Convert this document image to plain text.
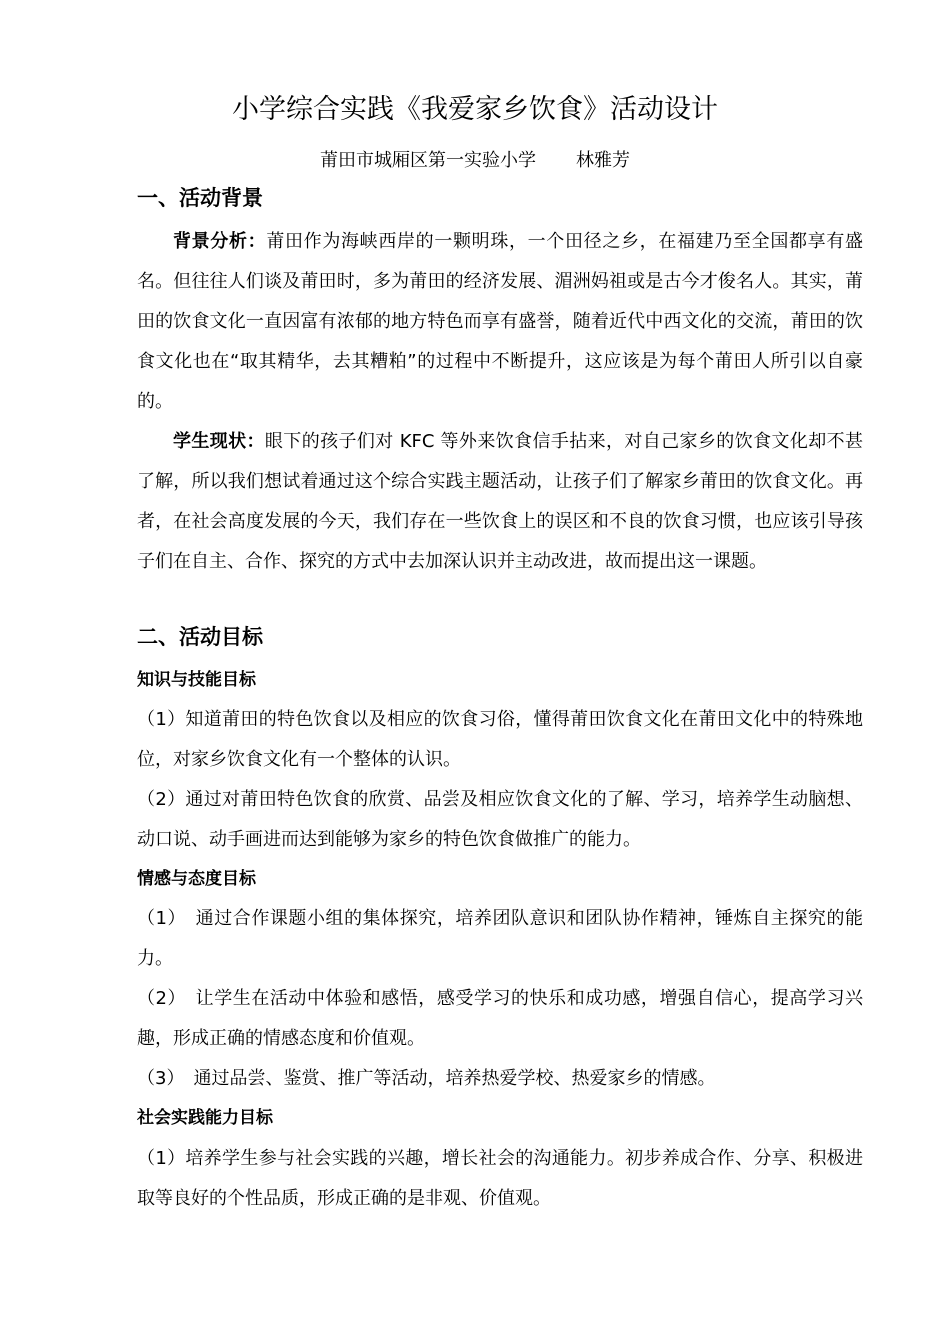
小学综合实践《我爱家乡饮食》活动设计
莆田市城厢区第一实验小学 林雅芳
一、活动背景
背景分析：莆田作为海峡西岸的一颗明珠，一个田径之乡，在福建乃至全国都享有盛名。但往往人们谈及莆田时，多为莆田的经济发展、湄洲妈祖或是古今才俊名人。其实，莆田的饮食文化一直因富有浓郁的地方特色而享有盛誉，随着近代中西文化的交流，莆田的饮食文化也在“取其精华，去其糟粕”的过程中不断提升，这应该是为每个莆田人所引以自豪的。
学生现状：眼下的孩子们对 KFC 等外来饮食信手拈来，对自己家乡的饮食文化却不甚了解，所以我们想试着通过这个综合实践主题活动，让孩子们了解家乡莆田的饮食文化。再者，在社会高度发展的今天，我们存在一些饮食上的误区和不良的饮食习惯，也应该引导孩子们在自主、合作、探究的方式中去加深认识并主动改进，故而提出这一课题。
二、活动目标
知识与技能目标
（1）知道莆田的特色饮食以及相应的饮食习俗，懂得莆田饮食文化在莆田文化中的特殊地位，对家乡饮食文化有一个整体的认识。
（2）通过对莆田特色饮食的欣赏、品尝及相应饮食文化的了解、学习，培养学生动脑想、动口说、动手画进而达到能够为家乡的特色饮食做推广的能力。
情感与态度目标
（1）　通过合作课题小组的集体探究，培养团队意识和团队协作精神，锤炼自主探究的能力。
（2）　让学生在活动中体验和感悟，感受学习的快乐和成功感，增强自信心，提高学习兴趣，形成正确的情感态度和价值观。
（3）　通过品尝、鉴赏、推广等活动，培养热爱学校、热爱家乡的情感。
社会实践能力目标
（1）培养学生参与社会实践的兴趣，增长社会的沟通能力。初步养成合作、分享、积极进取等良好的个性品质，形成正确的是非观、价值观。
